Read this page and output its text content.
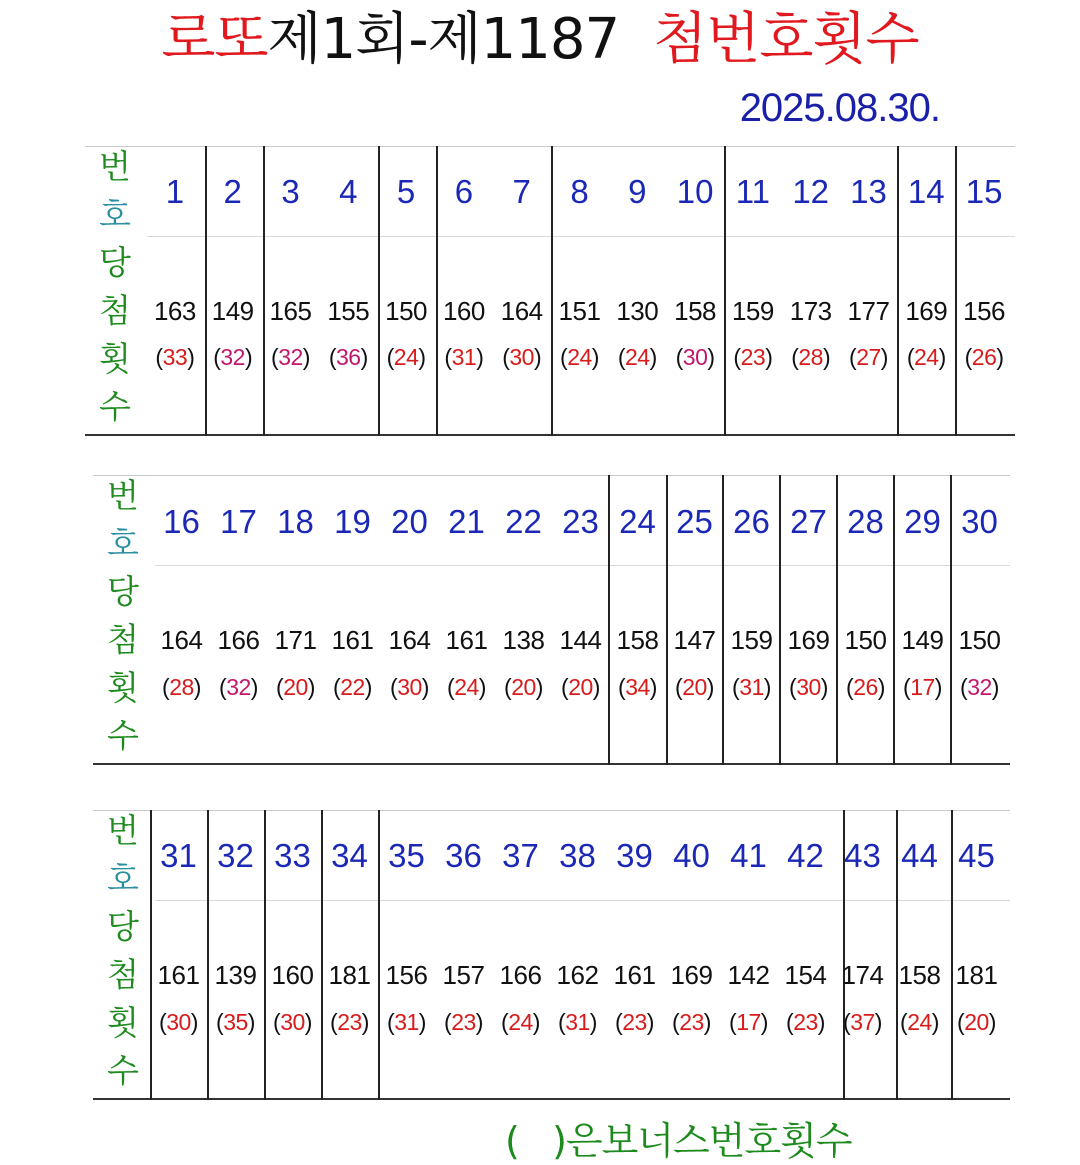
로또제1회-제1187 첨번호횟수
2025.08.30.
번
호
당
첨
횟
수
1
163
(33)
2
149
(32)
3
165
(32)
4
155
(36)
5
150
(24)
6
160
(31)
7
164
(30)
8
151
(24)
9
130
(24)
10
158
(30)
11
159
(23)
12
173
(28)
13
177
(27)
14
169
(24)
15
156
(26)
번
호
당
첨
횟
수
16
164
(28)
17
166
(32)
18
171
(20)
19
161
(22)
20
164
(30)
21
161
(24)
22
138
(20)
23
144
(20)
24
158
(34)
25
147
(20)
26
159
(31)
27
169
(30)
28
150
(26)
29
149
(17)
30
150
(32)
번
호
당
첨
횟
수
31
161
(30)
32
139
(35)
33
160
(30)
34
181
(23)
35
156
(31)
36
157
(23)
37
166
(24)
38
162
(31)
39
161
(23)
40
169
(23)
41
142
(17)
42
154
(23)
43
174
(37)
44
158
(24)
45
181
(20)
( )은보너스번호횟수
